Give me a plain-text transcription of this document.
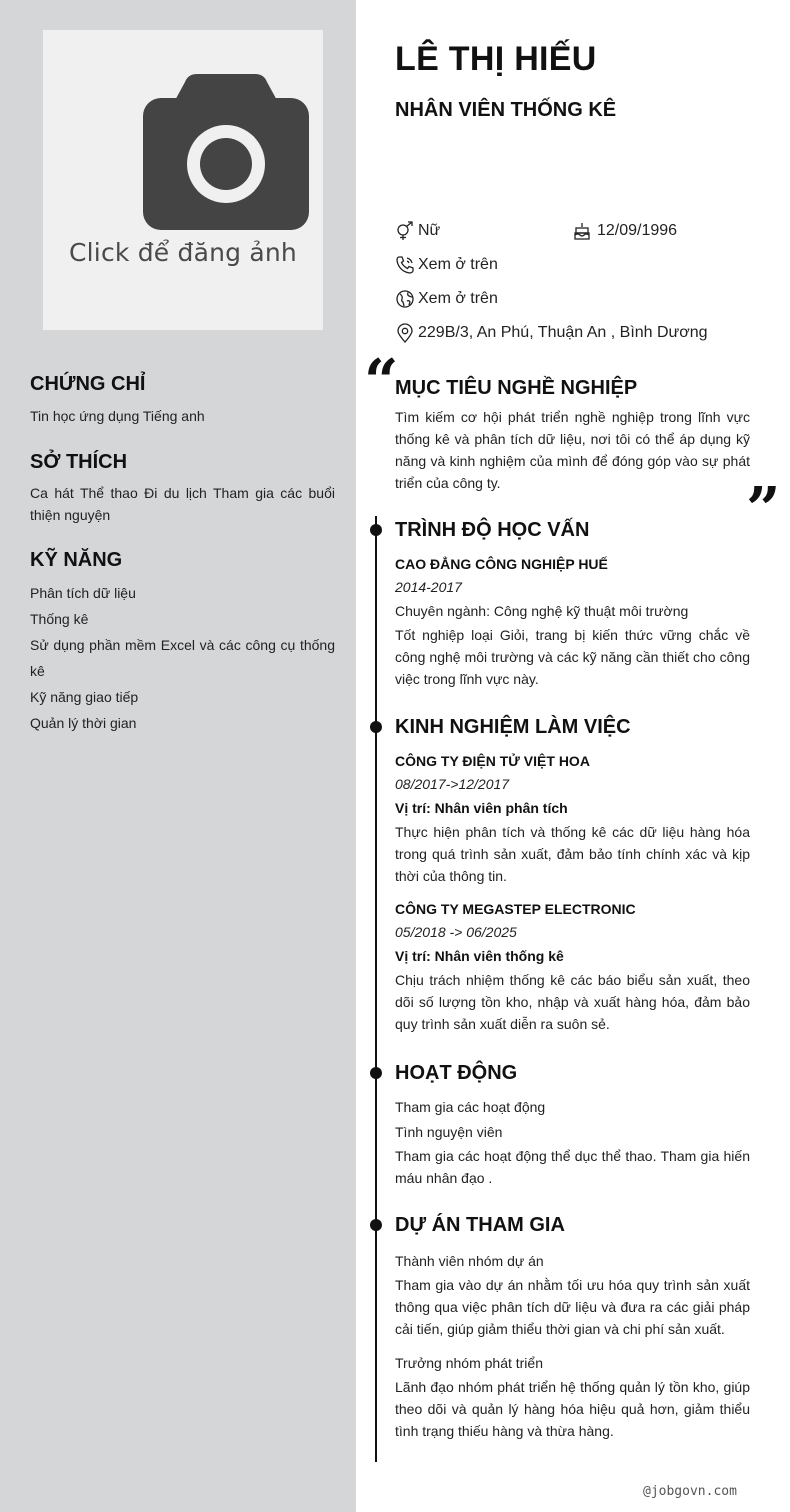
Click để đăng ảnh
CHỨNG CHỈ
Tin học ứng dụng Tiếng anh
SỞ THÍCH
Ca hát Thể thao Đi du lịch Tham gia các buổi thiện nguyện
KỸ NĂNG
Phân tích dữ liệu
Thống kê
Sử dụng phần mềm Excel và các công cụ thống kê
Kỹ năng giao tiếp
Quản lý thời gian
LÊ THỊ HIẾU
NHÂN VIÊN THỐNG KÊ
Nữ	12/09/1996
Xem ở trên
Xem ở trên
229B/3, An Phú, Thuận An , Bình Dương
“
”
MỤC TIÊU NGHỀ NGHIỆP
Tìm kiếm cơ hội phát triển nghề nghiệp trong lĩnh vực thống kê và phân tích dữ liệu, nơi tôi có thể áp dụng kỹ năng và kinh nghiệm của mình để đóng góp vào sự phát triển của công ty.
TRÌNH ĐỘ HỌC VẤN
CAO ĐẲNG CÔNG NGHIỆP HUẾ
2014-2017
Chuyên ngành: Công nghệ kỹ thuật môi trường
Tốt nghiệp loại Giỏi, trang bị kiến thức vững chắc về công nghệ môi trường và các kỹ năng cần thiết cho công việc trong lĩnh vực này.
KINH NGHIỆM LÀM VIỆC
CÔNG TY ĐIỆN TỬ VIỆT HOA
08/2017->12/2017
Vị trí: Nhân viên phân tích
Thực hiện phân tích và thống kê các dữ liệu hàng hóa trong quá trình sản xuất, đảm bảo tính chính xác và kịp thời của thông tin.
CÔNG TY MEGASTEP ELECTRONIC
05/2018 -> 06/2025
Vị trí: Nhân viên thống kê
Chịu trách nhiệm thống kê các báo biểu sản xuất, theo dõi số lượng tồn kho, nhập và xuất hàng hóa, đảm bảo quy trình sản xuất diễn ra suôn sẻ.
HOẠT ĐỘNG
Tham gia các hoạt động
Tình nguyện viên
Tham gia các hoạt động thể dục thể thao. Tham gia hiến máu nhân đạo .
DỰ ÁN THAM GIA
Thành viên nhóm dự án
Tham gia vào dự án nhằm tối ưu hóa quy trình sản xuất thông qua việc phân tích dữ liệu và đưa ra các giải pháp cải tiến, giúp giảm thiểu thời gian và chi phí sản xuất.
Trưởng nhóm phát triển
Lãnh đạo nhóm phát triển hệ thống quản lý tồn kho, giúp theo dõi và quản lý hàng hóa hiệu quả hơn, giảm thiểu tình trạng thiếu hàng và thừa hàng.
@jobgovn.com
